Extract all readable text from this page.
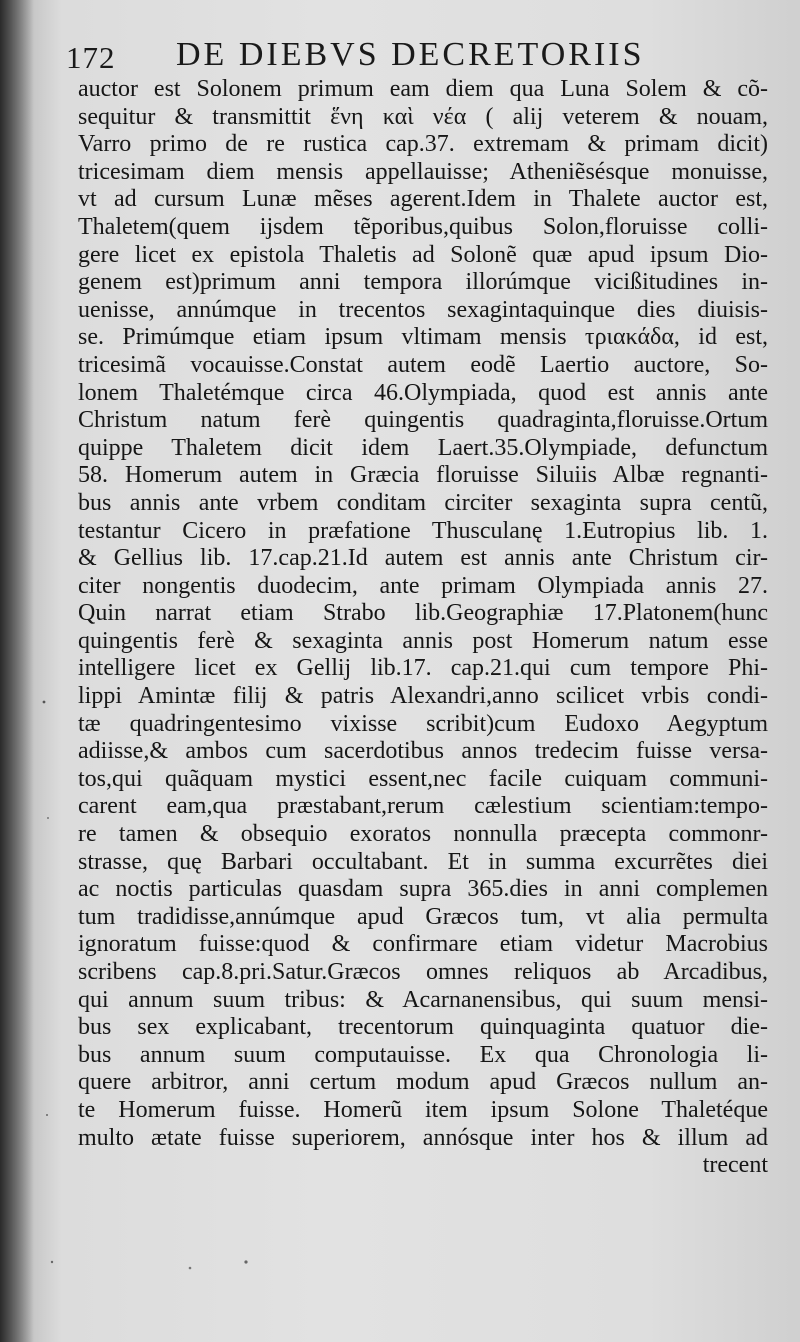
172 DE DIEBVS DECRETORIIS
auctor est Solonem primum eam diem qua Luna Solem & cõ-
sequitur & transmittit ἕνη καὶ νέα ( alij veterem & nouam,
Varro primo de re rustica cap.37. extremam & primam dicit)
tricesimam diem mensis appellauisse; Atheniẽsésque monuisse,
vt ad cursum Lunæ mẽses agerent.Idem in Thalete auctor est,
Thaletem(quem ijsdem tẽporibus,quibus Solon,floruisse colli-
gere licet ex epistola Thaletis ad Solonẽ quæ apud ipsum Dio-
genem est)primum anni tempora illorúmque vicißitudines in-
uenisse, annúmque in trecentos sexagintaquinque dies diuisis-
se. Primúmque etiam ipsum vltimam mensis τριακάδα, id est,
tricesimã vocauisse.Constat autem eodẽ Laertio auctore, So-
lonem Thaletémque circa 46.Olympiada, quod est annis ante
Christum natum ferè quingentis quadraginta,floruisse.Ortum
quippe Thaletem dicit idem Laert.35.Olympiade, defunctum
58. Homerum autem in Græcia floruisse Siluiis Albæ regnanti-
bus annis ante vrbem conditam circiter sexaginta supra centũ,
testantur Cicero in præfatione Thusculanę 1.Eutropius lib. 1.
& Gellius lib. 17.cap.21.Id autem est annis ante Christum cir-
citer nongentis duodecim, ante primam Olympiada annis 27.
Quin narrat etiam Strabo lib.Geographiæ 17.Platonem(hunc
quingentis ferè & sexaginta annis post Homerum natum esse
intelligere licet ex Gellij lib.17. cap.21.qui cum tempore Phi-
lippi Amintæ filij & patris Alexandri,anno scilicet vrbis condi-
tæ quadringentesimo vixisse scribit)cum Eudoxo Aegyptum
adiisse,& ambos cum sacerdotibus annos tredecim fuisse versa-
tos,qui quãquam mystici essent,nec facile cuiquam communi-
carent eam,qua præstabant,rerum cælestium scientiam:tempo-
re tamen & obsequio exoratos nonnulla præcepta commonr-
strasse, quę Barbari occultabant. Et in summa excurrẽtes diei
ac noctis particulas quasdam supra 365.dies in anni complemen
tum tradidisse,annúmque apud Græcos tum, vt alia permulta
ignoratum fuisse:quod & confirmare etiam videtur Macrobius
scribens cap.8.pri.Satur.Græcos omnes reliquos ab Arcadibus,
qui annum suum tribus: & Acarnanensibus, qui suum mensi-
bus sex explicabant, trecentorum quinquaginta quatuor die-
bus annum suum computauisse. Ex qua Chronologia li-
quere arbitror, anni certum modum apud Græcos nullum an-
te Homerum fuisse. Homerũ item ipsum Solone Thaletéque
multo ætate fuisse superiorem, annósque inter hos & illum ad
trecent
